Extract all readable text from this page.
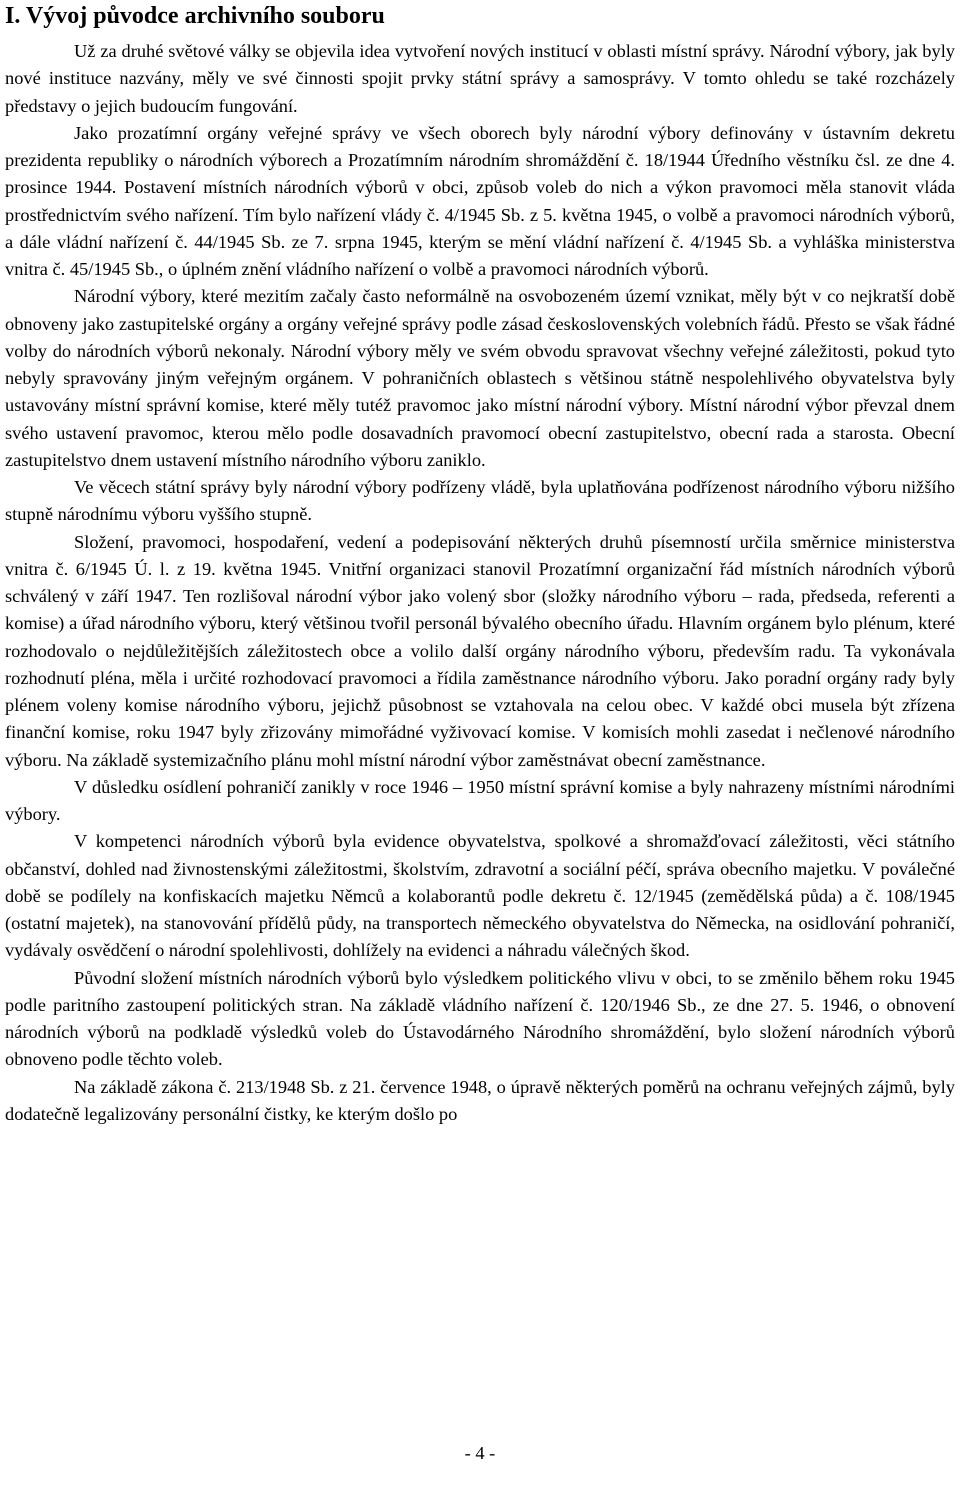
I. Vývoj původce archivního souboru

Už za druhé světové války se objevila idea vytvoření nových institucí v oblasti místní správy. Národní výbory, jak byly nové instituce nazvány, měly ve své činnosti spojit prvky státní správy a samosprávy. V tomto ohledu se také rozcházely představy o jejich budoucím fungování.

Jako prozatímní orgány veřejné správy ve všech oborech byly národní výbory definovány v ústavním dekretu prezidenta republiky o národních výborech a Prozatímním národním shromáždění č. 18/1944 Úředního věstníku čsl. ze dne 4. prosince 1944. Postavení místních národních výborů v obci, způsob voleb do nich a výkon pravomoci měla stanovit vláda prostřednictvím svého nařízení. Tím bylo nařízení vlády č. 4/1945 Sb. z 5. května 1945, o volbě a pravomoci národních výborů, a dále vládní nařízení č. 44/1945 Sb. ze 7. srpna 1945, kterým se mění vládní nařízení č. 4/1945 Sb. a vyhláška ministerstva vnitra č. 45/1945 Sb., o úplném znění vládního nařízení o volbě a pravomoci národních výborů.

Národní výbory, které mezitím začaly často neformálně na osvobozeném území vznikat, měly být v co nejkratší době obnoveny jako zastupitelské orgány a orgány veřejné správy podle zásad československých volebních řádů. Přesto se však řádné volby do národních výborů nekonaly. Národní výbory měly ve svém obvodu spravovat všechny veřejné záležitosti, pokud tyto nebyly spravovány jiným veřejným orgánem. V pohraničních oblastech s většinou státně nespolehlivého obyvatelstva byly ustavovány místní správní komise, které měly tutéž pravomoc jako místní národní výbory. Místní národní výbor převzal dnem svého ustavení pravomoc, kterou mělo podle dosavadních pravomocí obecní zastupitelstvo, obecní rada a starosta. Obecní zastupitelstvo dnem ustavení místního národního výboru zaniklo.

Ve věcech státní správy byly národní výbory podřízeny vládě, byla uplatňována podřízenost národního výboru nižšího stupně národnímu výboru vyššího stupně.

Složení, pravomoci, hospodaření, vedení a podepisování některých druhů písemností určila směrnice ministerstva vnitra č. 6/1945 Ú. l. z 19. května 1945. Vnitřní organizaci stanovil Prozatímní organizační řád místních národních výborů schválený v září 1947. Ten rozlišoval národní výbor jako volený sbor (složky národního výboru – rada, předseda, referenti a komise) a úřad národního výboru, který většinou tvořil personál bývalého obecního úřadu. Hlavním orgánem bylo plénum, které rozhodovalo o nejdůležitějších záležitostech obce a volilo další orgány národního výboru, především radu. Ta vykonávala rozhodnutí pléna, měla i určité rozhodovací pravomoci a řídila zaměstnance národního výboru. Jako poradní orgány rady byly plénem voleny komise národního výboru, jejichž působnost se vztahovala na celou obec. V každé obci musela být zřízena finanční komise, roku 1947 byly zřizovány mimořádné vyživovací komise. V komisích mohli zasedat i nečlenové národního výboru. Na základě systemizačního plánu mohl místní národní výbor zaměstnávat obecní zaměstnance.

V důsledku osídlení pohraničí zanikly v roce 1946 – 1950 místní správní komise a byly nahrazeny místními národními výbory.

V kompetenci národních výborů byla evidence obyvatelstva, spolkové a shromažďovací záležitosti, věci státního občanství, dohled nad živnostenskými záležitostmi, školstvím, zdravotní a sociální péčí, správa obecního majetku. V poválečné době se podílely na konfiskacích majetku Němců a kolaborantů podle dekretu č. 12/1945 (zemědělská půda) a č. 108/1945 (ostatní majetek), na stanovování přídělů půdy, na transportech německého obyvatelstva do Německa, na osidlování pohraničí, vydávaly osvědčení o národní spolehlivosti, dohlížely na evidenci a náhradu válečných škod.

Původní složení místních národních výborů bylo výsledkem politického vlivu v obci, to se změnilo během roku 1945 podle paritního zastoupení politických stran. Na základě vládního nařízení č. 120/1946 Sb., ze dne 27. 5. 1946, o obnovení národních výborů na podkladě výsledků voleb do Ústavodárného Národního shromáždění, bylo složení národních výborů obnoveno podle těchto voleb.

Na základě zákona č. 213/1948 Sb. z 21. července 1948, o úpravě některých poměrů na ochranu veřejných zájmů, byly dodatečně legalizovány personální čistky, ke kterým došlo po

- 4 -
